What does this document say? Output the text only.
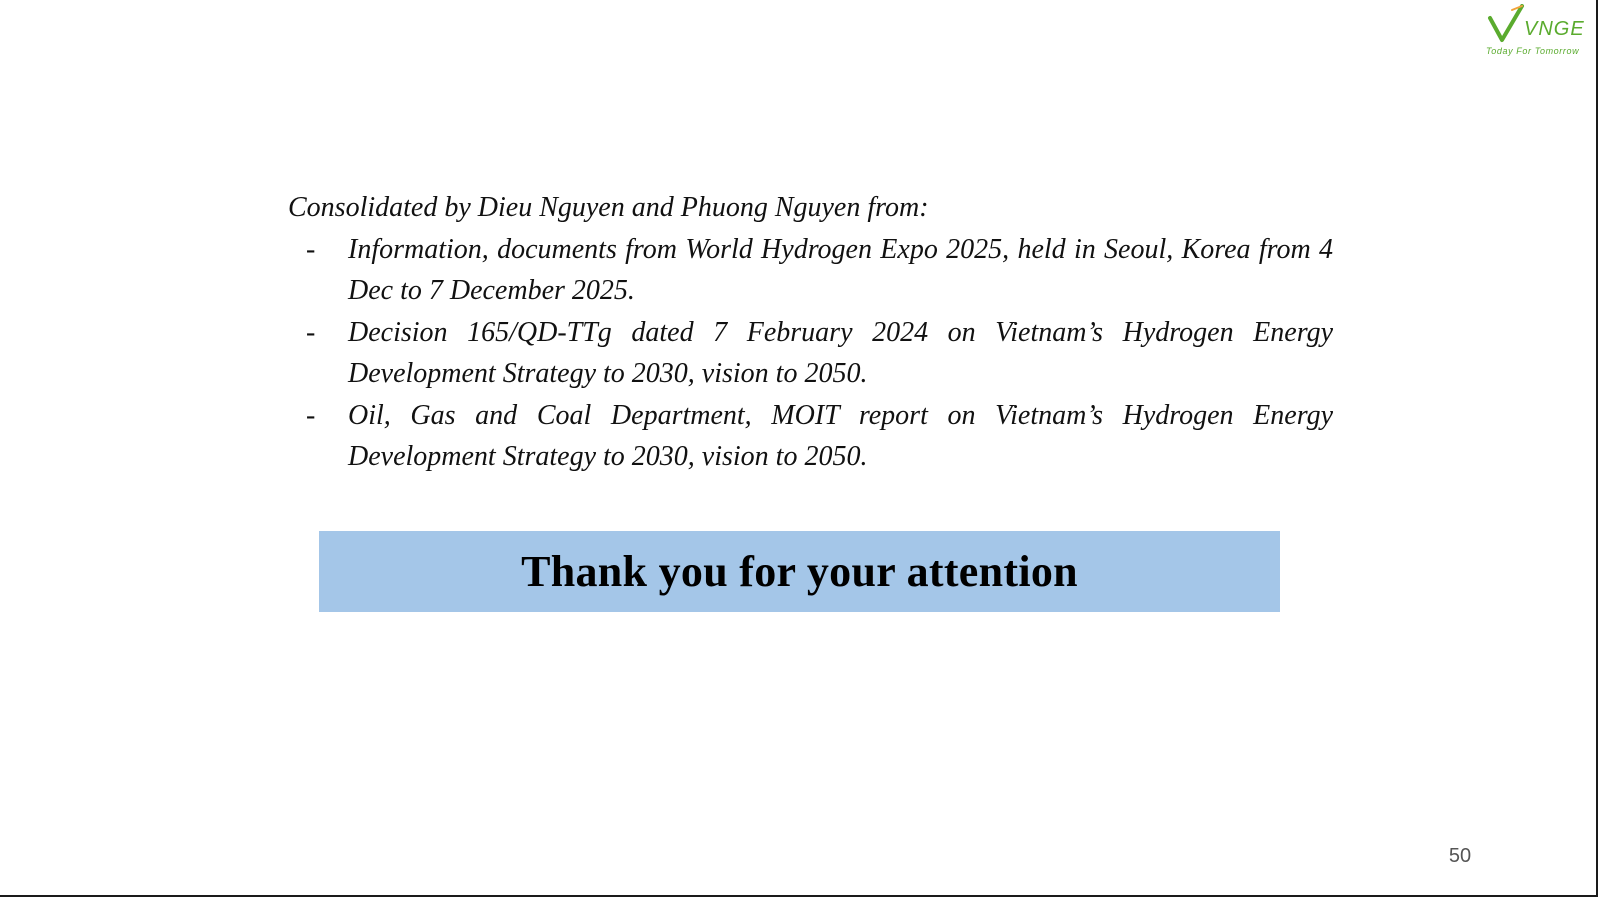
VNGE
Today For Tomorrow

Consolidated by Dieu Nguyen and Phuong Nguyen from:

-	Information, documents from World Hydrogen Expo 2025, held in Seoul, Korea from 4 Dec to 7 December 2025.
-	Decision 165/QD-TTg dated 7 February 2024 on Vietnam’s Hydrogen Energy Development Strategy to 2030, vision to 2050.
-	Oil, Gas and Coal Department, MOIT report on Vietnam’s Hydrogen Energy Development Strategy to 2030, vision to 2050.
Thank you for your attention
50
